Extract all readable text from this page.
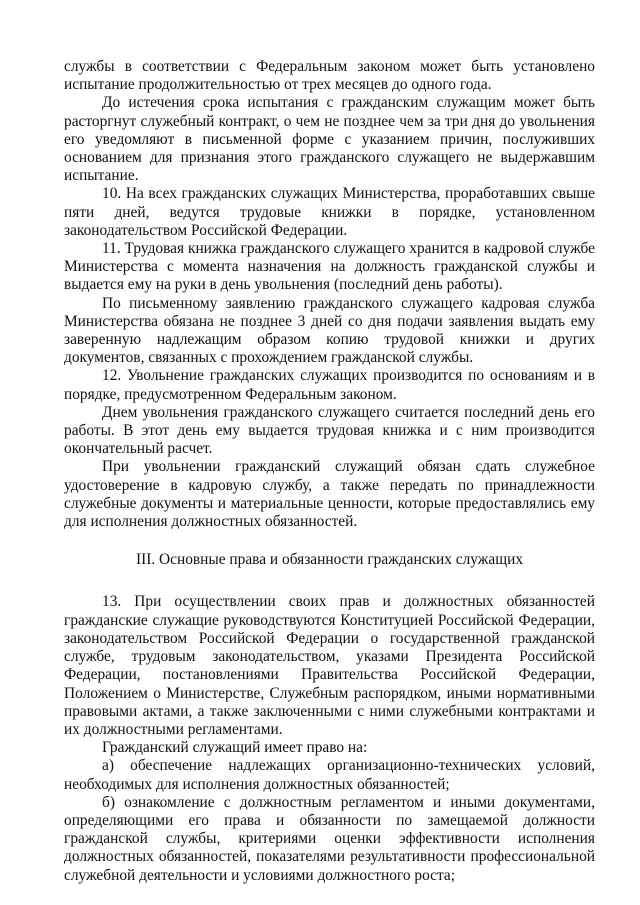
службы в соответствии с Федеральным законом может быть установлено испытание продолжительностью от трех месяцев до одного года.

До истечения срока испытания с гражданским служащим может быть расторгнут служебный контракт, о чем не позднее чем за три дня до увольнения его уведомляют в письменной форме с указанием причин, послуживших основанием для признания этого гражданского служащего не выдержавшим испытание.

10. На всех гражданских служащих Министерства, проработавших свыше пяти дней, ведутся трудовые книжки в порядке, установленном законодательством Российской Федерации.

11. Трудовая книжка гражданского служащего хранится в кадровой службе Министерства с момента назначения на должность гражданской службы и выдается ему на руки в день увольнения (последний день работы).

По письменному заявлению гражданского служащего кадровая служба Министерства обязана не позднее 3 дней со дня подачи заявления выдать ему заверенную надлежащим образом копию трудовой книжки и других документов, связанных с прохождением гражданской службы.

12. Увольнение гражданских служащих производится по основаниям и в порядке, предусмотренном Федеральным законом.

Днем увольнения гражданского служащего считается последний день его работы. В этот день ему выдается трудовая книжка и с ним производится окончательный расчет.

При увольнении гражданский служащий обязан сдать служебное удостоверение в кадровую службу, а также передать по принадлежности служебные документы и материальные ценности, которые предоставлялись ему для исполнения должностных обязанностей.

III. Основные права и обязанности гражданских служащих

13. При осуществлении своих прав и должностных обязанностей гражданские служащие руководствуются Конституцией Российской Федерации, законодательством Российской Федерации о государственной гражданской службе, трудовым законодательством, указами Президента Российской Федерации, постановлениями Правительства Российской Федерации, Положением о Министерстве, Служебным распорядком, иными нормативными правовыми актами, а также заключенными с ними служебными контрактами и их должностными регламентами.

Гражданский служащий имеет право на:

а) обеспечение надлежащих организационно-технических условий, необходимых для исполнения должностных обязанностей;

б) ознакомление с должностным регламентом и иными документами, определяющими его права и обязанности по замещаемой должности гражданской службы, критериями оценки эффективности исполнения должностных обязанностей, показателями результативности профессиональной служебной деятельности и условиями должностного роста;
